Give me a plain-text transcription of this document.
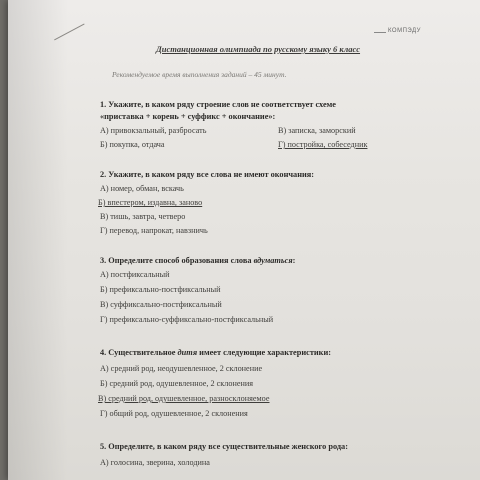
КОМПЭДУ
Дистанционная олимпиада по русскому языку 6 класс
Рекомендуемое время выполнения заданий – 45 минут.
1. Укажите, в каком ряду строение слов не соответствует схеме
«приставка + корень + суффикс + окончание»:
А) привокзальный, разбросать	В) записка, заморский
Б) покупка, отдача	Г) постройка, собеседник
2. Укажите, в каком ряду все слова не имеют окончания:
А) номер, обман, вскачь
Б) впестером, издавна, заново
В) тишь, завтра, четверо
Г) перевод, напрокат, навзничь
3. Определите способ образования слова вдуматься:
А) постфиксальный
Б) префиксально-постфиксальный
В) суффиксально-постфиксальный
Г) префиксально-суффиксально-постфиксальный
4. Существительное дитя имеет следующие характеристики:
А) средний род, неодушевленное, 2 склонение
Б) средний род, одушевленное, 2 склонения
В) средний род, одушевленное, разносклоняемое
Г) общий род, одушевленное, 2 склонения
5. Определите, в каком ряду все существительные женского рода:
А) голосина, зверина, холодина
